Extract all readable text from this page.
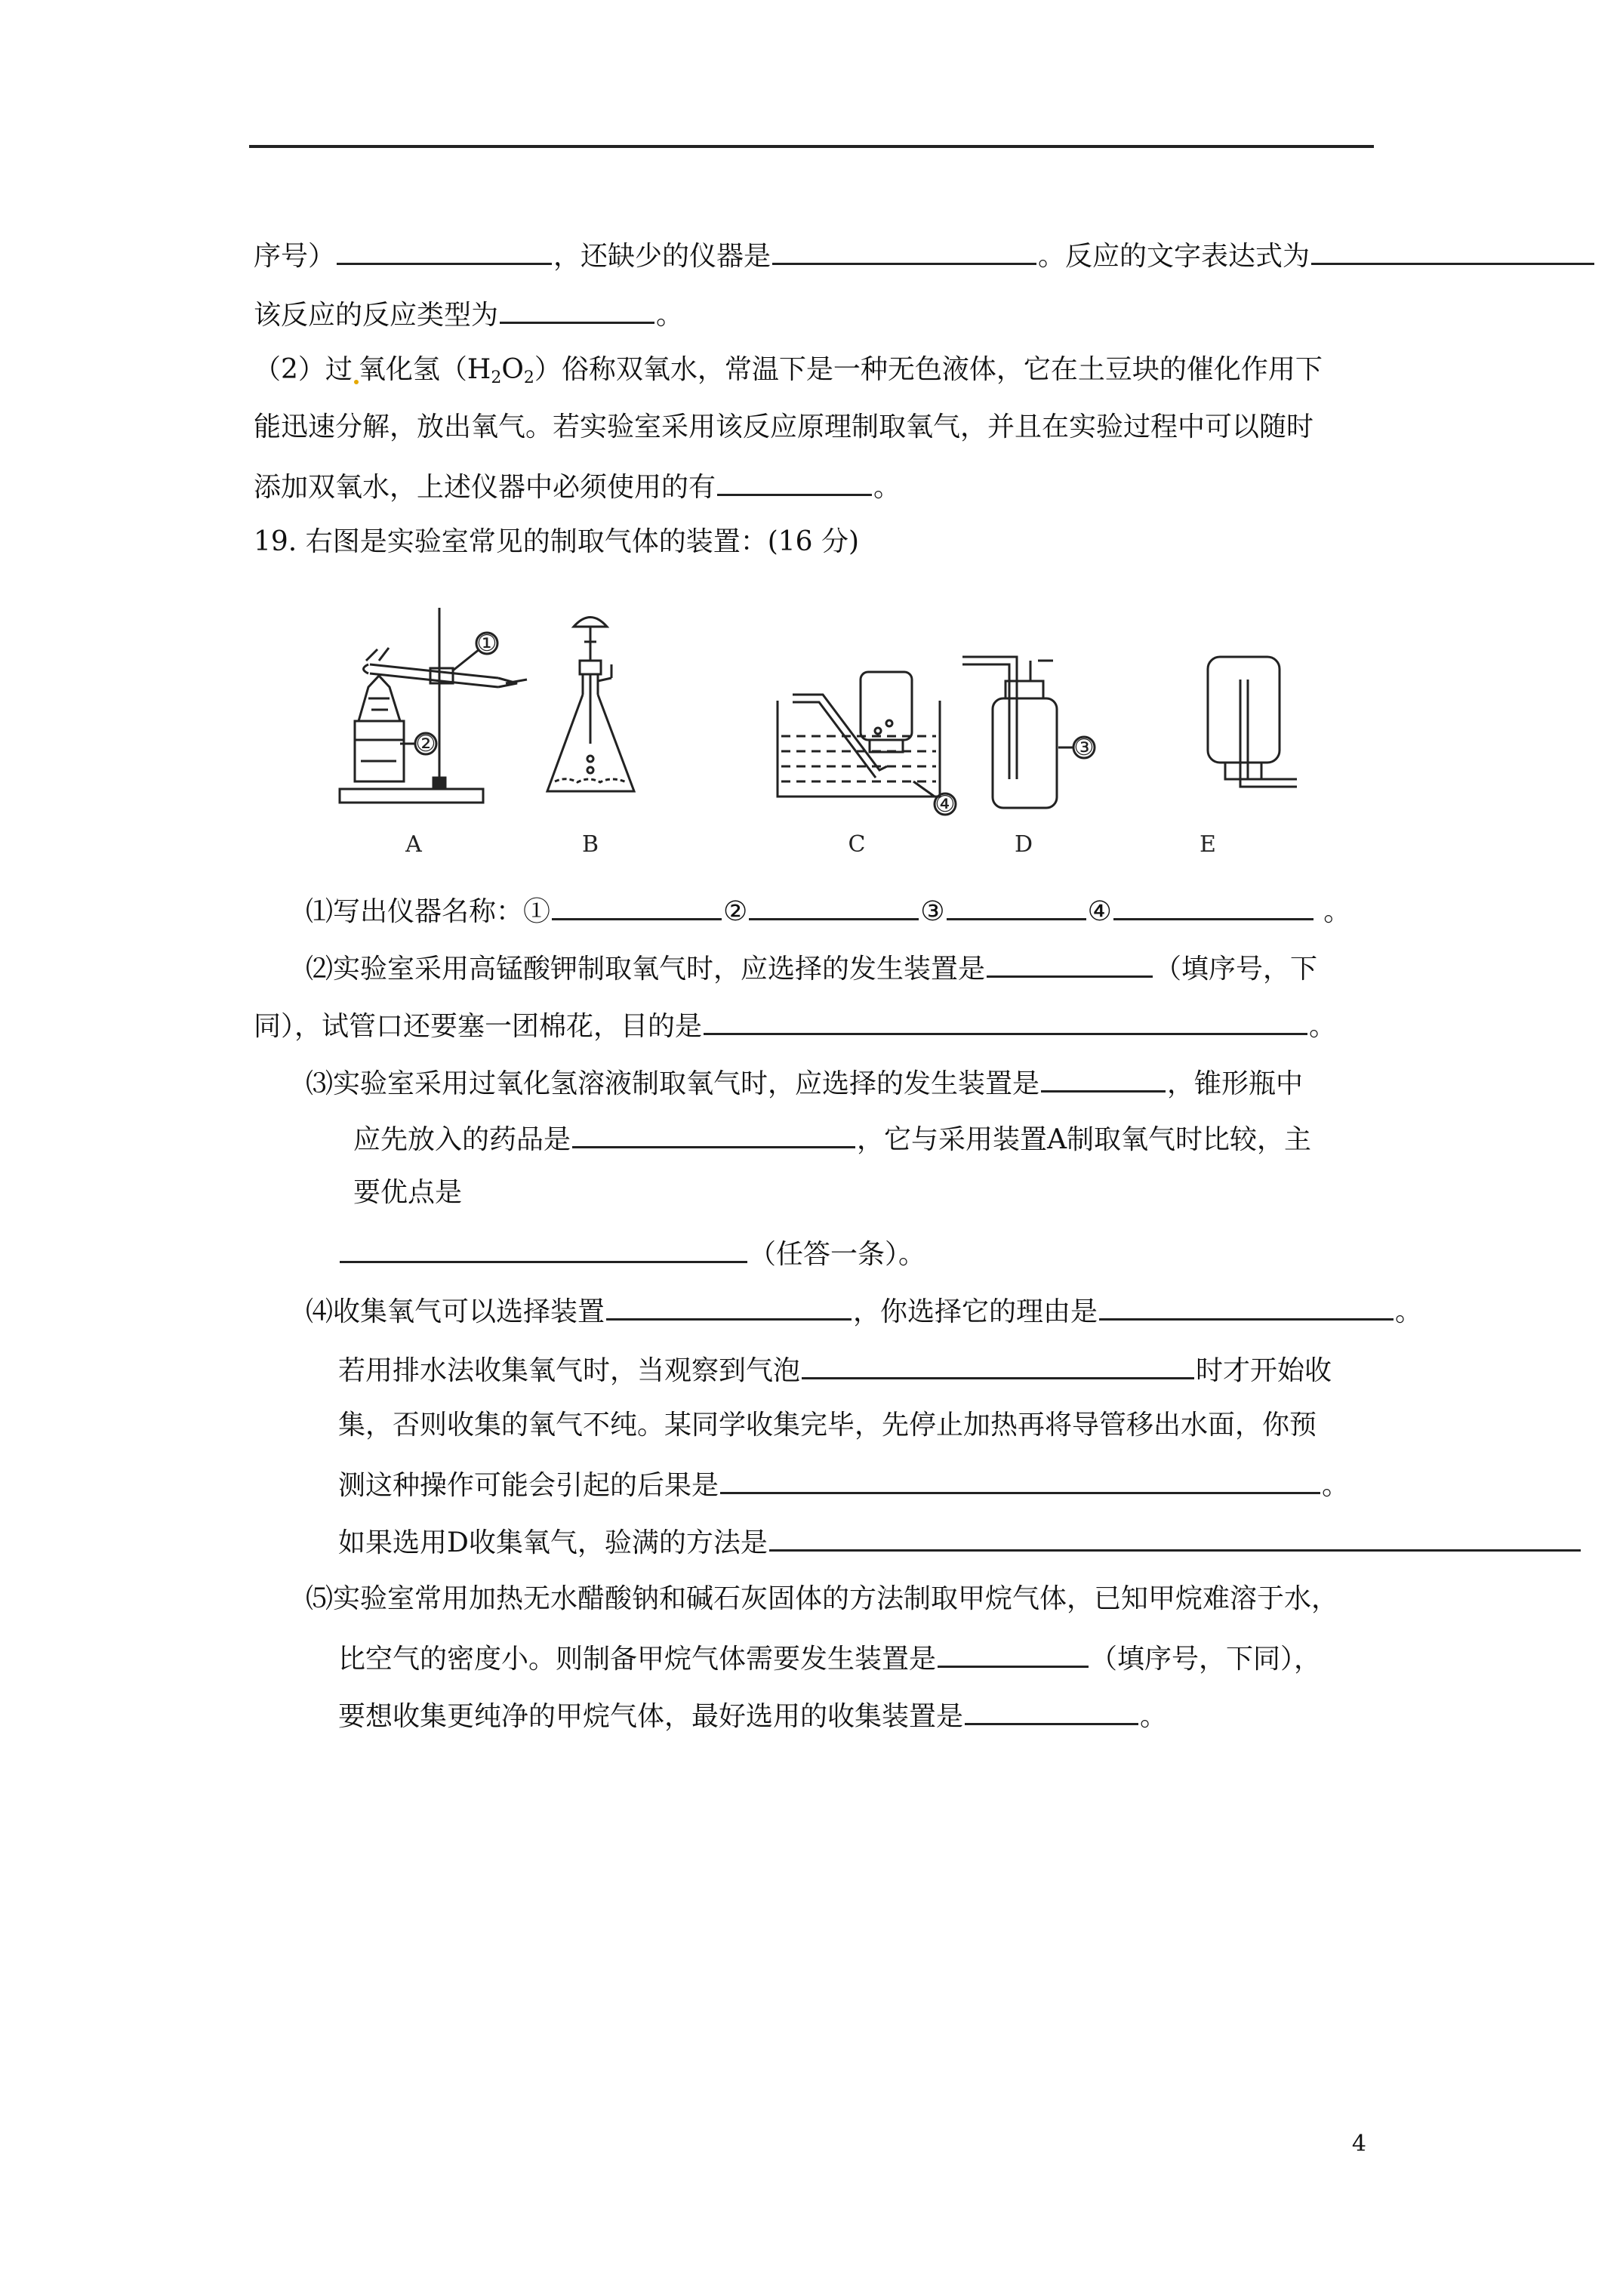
序号）	，还缺少的仪器是	。反应的文字表达式为
该反应的反应类型为	。
（2）过 氧化氢$(H_2O_2)$俗称双氧水，常温下是一种无色液体，它在土豆块的催化作用下
能迅速分解，放出氧气。若实验室采用该反应原理制取氧气，并且在实验过程中可以随时
添加双氧水，上述仪器中必须使用的有	。
19. 右图是实验室常见的制取气体的装置：(16 分)
①
②	③
④
A	B	C	D	E
⑴写出仪器名称：①	②	③	④	。
⑵实验室采用高锰酸钾制取氧气时，应选择的发生装置是	（填序号，下
同），试管口还要塞一团棉花，目的是	。
⑶实验室采用过氧化氢溶液制取氧气时，应选择的发生装置是	，锥形瓶中
应先放入的药品是	，它与采用装置A制取氧气时比较，主
要优点是
（任答一条）。
⑷收集氧气可以选择装置	，你选择它的理由是	。
若用排水法收集氧气时，当观察到气泡	时才开始收
集，否则收集的氧气不纯。某同学收集完毕，先停止加热再将导管移出水面，你预
测这种操作可能会引起的后果是	。
如果选用D收集氧气，验满的方法是
⑸实验室常用加热无水醋酸钠和碱石灰固体的方法制取甲烷气体，已知甲烷难溶于水，
比空气的密度小。则制备甲烷气体需要发生装置是	（填序号，下同），
要想收集更纯净的甲烷气体，最好选用的收集装置是	。
4
